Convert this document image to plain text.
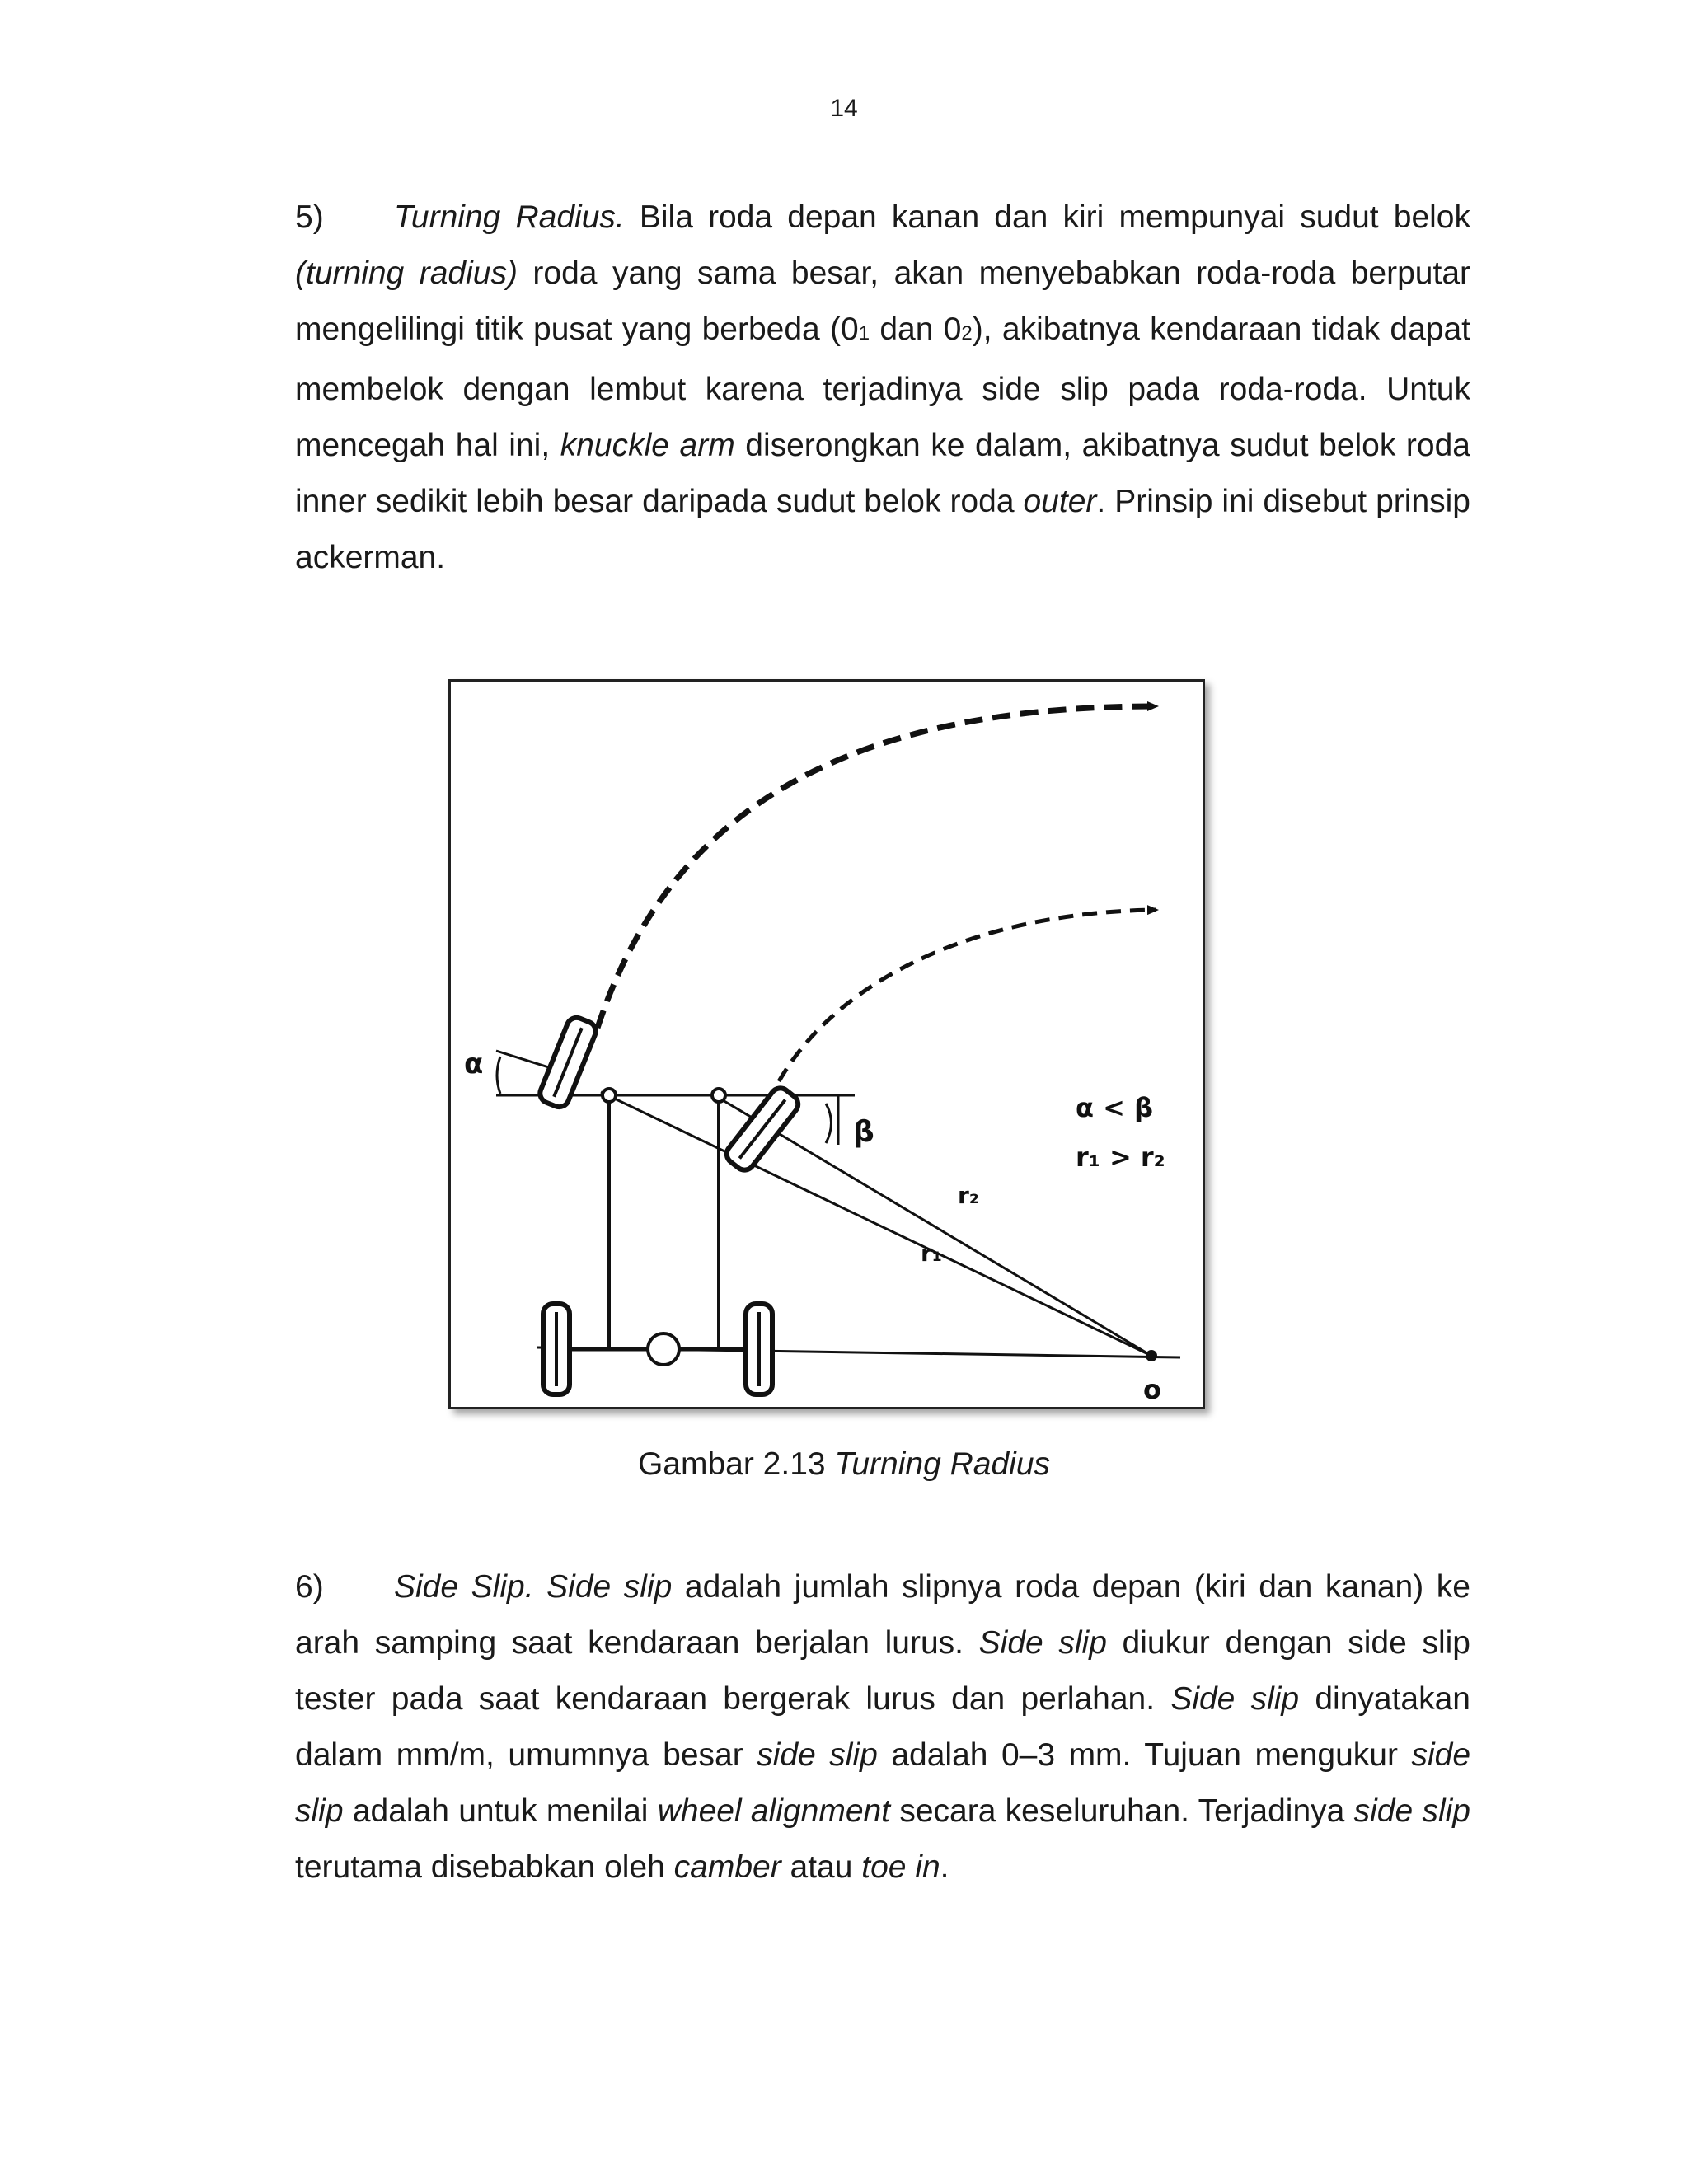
14

5) Turning Radius. Bila roda depan kanan dan kiri mempunyai sudut belok (turning radius) roda yang sama besar, akan menyebabkan roda-roda berputar mengelilingi titik pusat yang berbeda (01 dan 02), akibatnya kendaraan tidak dapat membelok dengan lembut karena terjadinya side slip pada roda-roda. Untuk mencegah hal ini, knuckle arm diserongkan ke dalam, akibatnya sudut belok roda inner sedikit lebih besar daripada sudut belok roda outer. Prinsip ini disebut prinsip ackerman.

α
β
r₁
r₂
o
α < β
r₁ > r₂
Gambar 2.13 Turning Radius

6) Side Slip. Side slip adalah jumlah slipnya roda depan (kiri dan kanan) ke arah samping saat kendaraan berjalan lurus. Side slip diukur dengan side slip tester pada saat kendaraan bergerak lurus dan perlahan. Side slip dinyatakan dalam mm/m, umumnya besar side slip adalah 0–3 mm. Tujuan mengukur side slip adalah untuk menilai wheel alignment secara keseluruhan. Terjadinya side slip terutama disebabkan oleh camber atau toe in.
